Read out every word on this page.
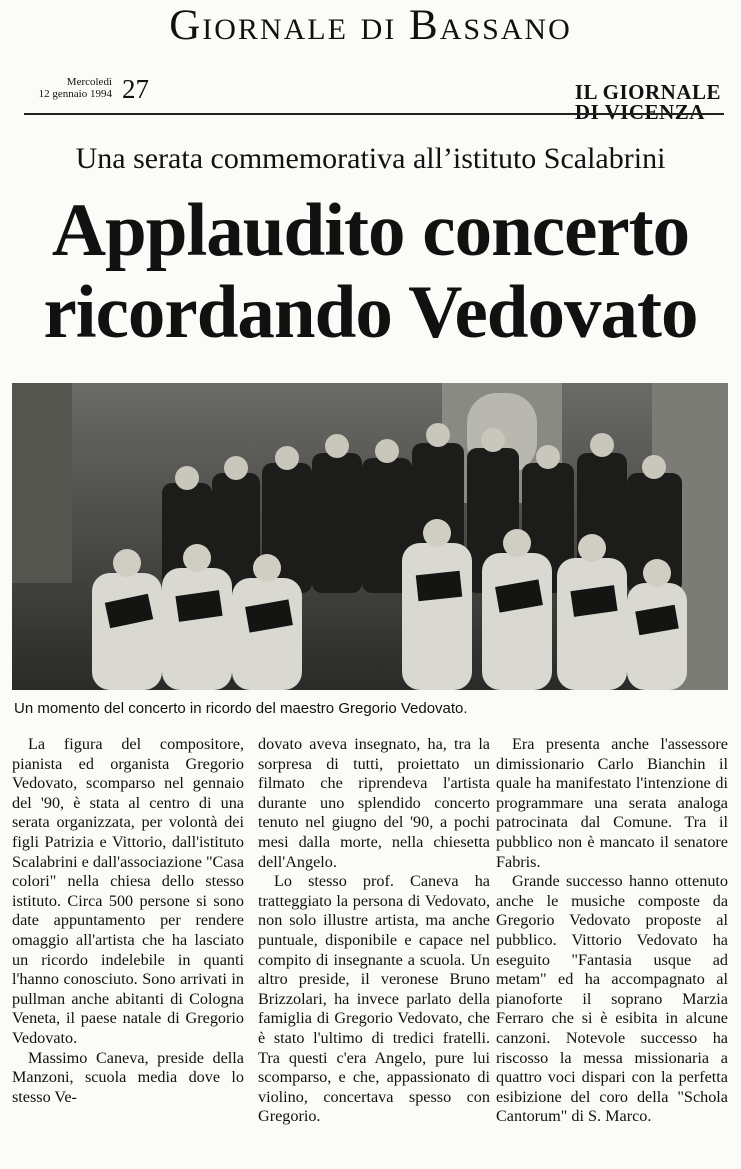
Giornale di Bassano
Mercoledì
12 gennaio 1994 27	IL GIORNALE
DI VICENZA
Una serata commemorativa all’istituto Scalabrini
Applaudito concerto
ricordando Vedovato
Un momento del concerto in ricordo del maestro Gregorio Vedovato.

La figura del compositore, pianista ed organista Gregorio Vedovato, scomparso nel gennaio del '90, è stata al centro di una serata organizzata, per volontà dei figli Patrizia e Vittorio, dall'istituto Scalabrini e dall'associazione "Casa colori" nella chiesa dello stesso istituto. Circa 500 persone si sono date appuntamento per rendere omaggio all'artista che ha lasciato un ricordo indelebile in quanti l'hanno conosciuto. Sono arrivati in pullman anche abitanti di Cologna Veneta, il paese natale di Gregorio Vedovato.

Massimo Caneva, preside della Manzoni, scuola media dove lo stesso Ve-

dovato aveva insegnato, ha, tra la sorpresa di tutti, proiettato un filmato che riprendeva l'artista durante uno splendido concerto tenuto nel giugno del '90, a pochi mesi dalla morte, nella chiesetta dell'Angelo.

Lo stesso prof. Caneva ha tratteggiato la persona di Vedovato, non solo illustre artista, ma anche puntuale, disponibile e capace nel compito di insegnante a scuola. Un altro preside, il veronese Bruno Brizzolari, ha invece parlato della famiglia di Gregorio Vedovato, che è stato l'ultimo di tredici fratelli. Tra questi c'era Angelo, pure lui scomparso, e che, appassionato di violino, concertava spesso con Gregorio.

Era presenta anche l'assessore dimissionario Carlo Bianchin il quale ha manifestato l'intenzione di programmare una serata analoga patrocinata dal Comune. Tra il pubblico non è mancato il senatore Fabris.

Grande successo hanno ottenuto anche le musiche composte da Gregorio Vedovato proposte al pubblico. Vittorio Vedovato ha eseguito "Fantasia usque ad metam" ed ha accompagnato al pianoforte il soprano Marzia Ferraro che si è esibita in alcune canzoni. Notevole successo ha riscosso la messa missionaria a quattro voci dispari con la perfetta esibizione del coro della "Schola Cantorum" di S. Marco.
